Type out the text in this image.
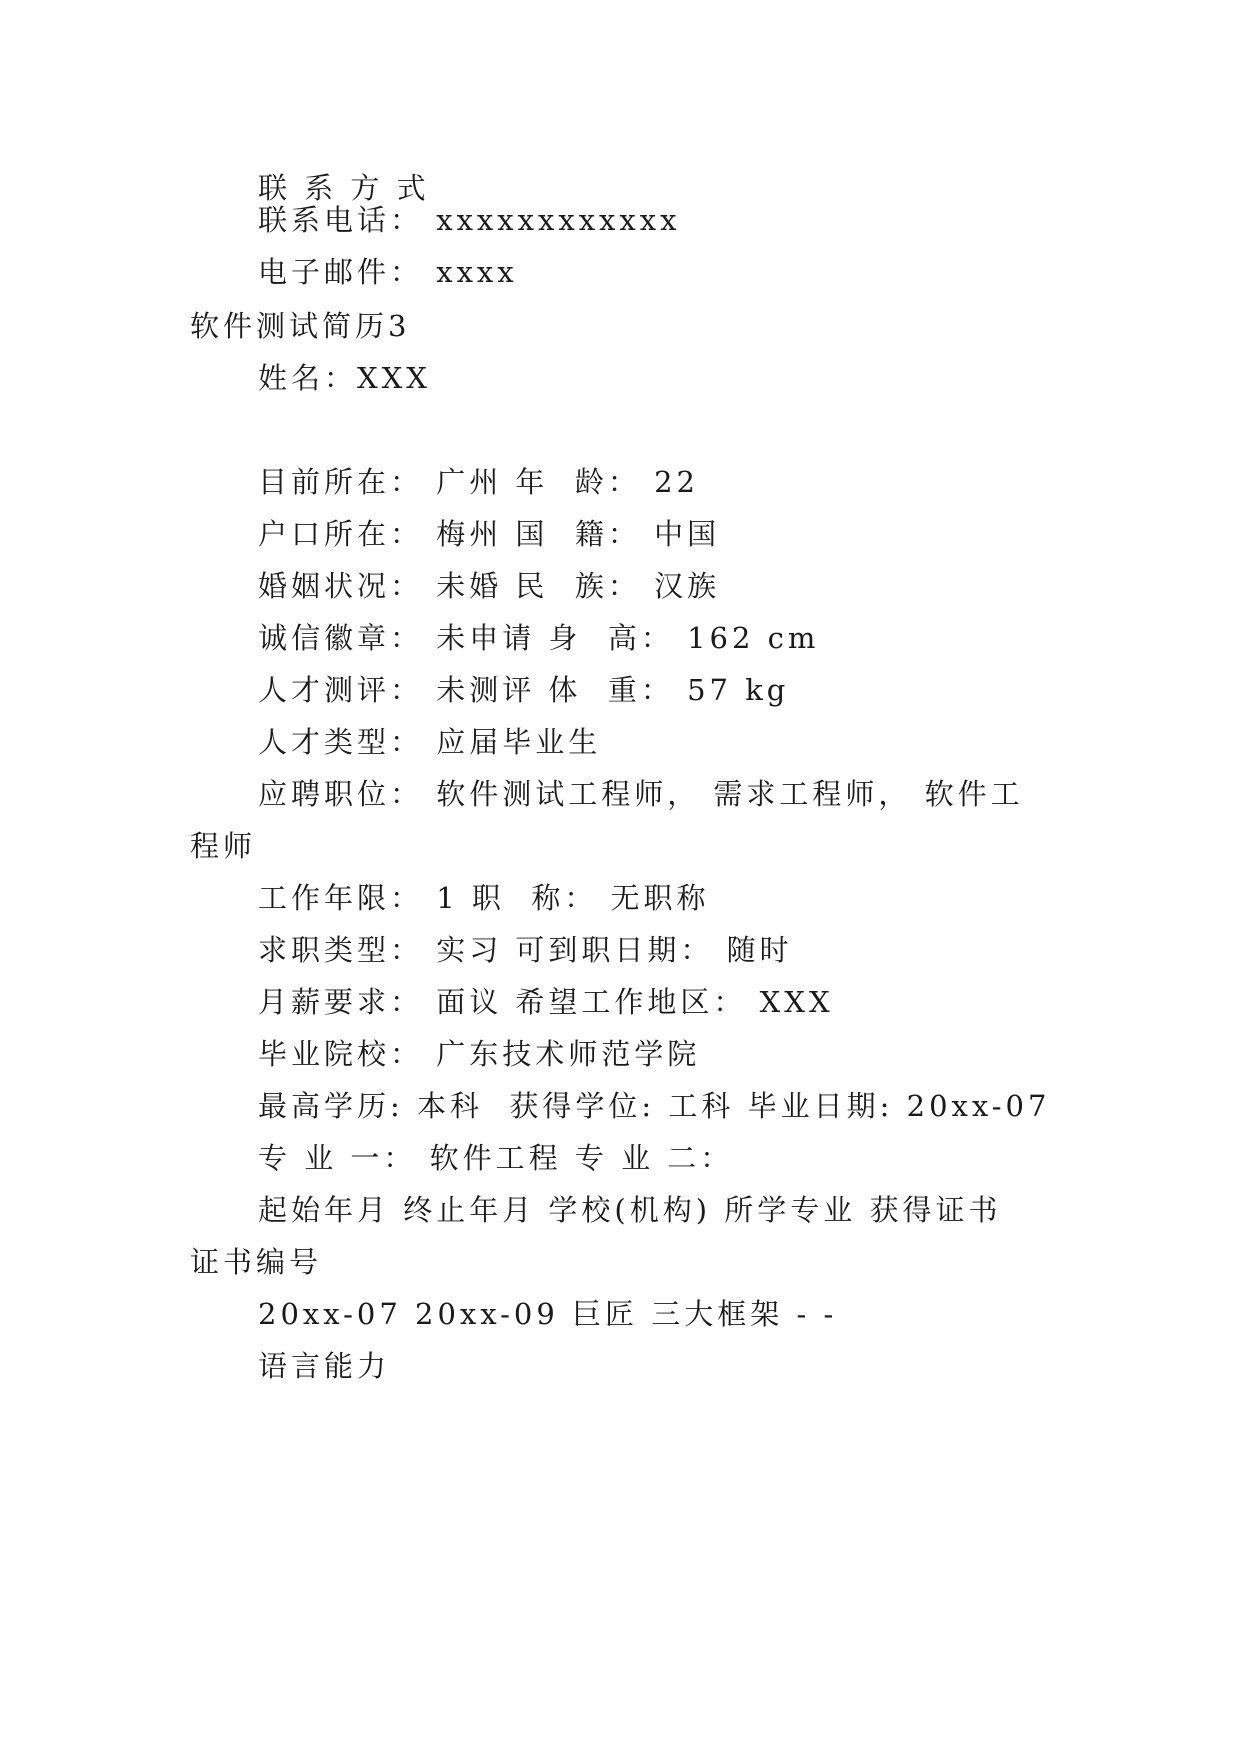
联 系 方 式
联系电话： xxxxxxxxxxxx
电子邮件： xxxx
软件测试简历3
姓名：XXX
目前所在： 广州 年  龄： 22
户口所在： 梅州 国  籍： 中国
婚姻状况： 未婚 民  族： 汉族
诚信徽章： 未申请 身  高： 162 cm
人才测评： 未测评 体  重： 57 kg
人才类型： 应届毕业生
应聘职位： 软件测试工程师， 需求工程师， 软件工
程师
工作年限： 1 职  称： 无职称
求职类型： 实习 可到职日期： 随时
月薪要求： 面议 希望工作地区： XXX
毕业院校： 广东技术师范学院
最高学历: 本科  获得学位: 工科 毕业日期: 20xx-07
专 业 一： 软件工程 专 业 二：
起始年月 终止年月 学校(机构) 所学专业 获得证书
证书编号
20xx-07 20xx-09 巨匠 三大框架 - -
语言能力
